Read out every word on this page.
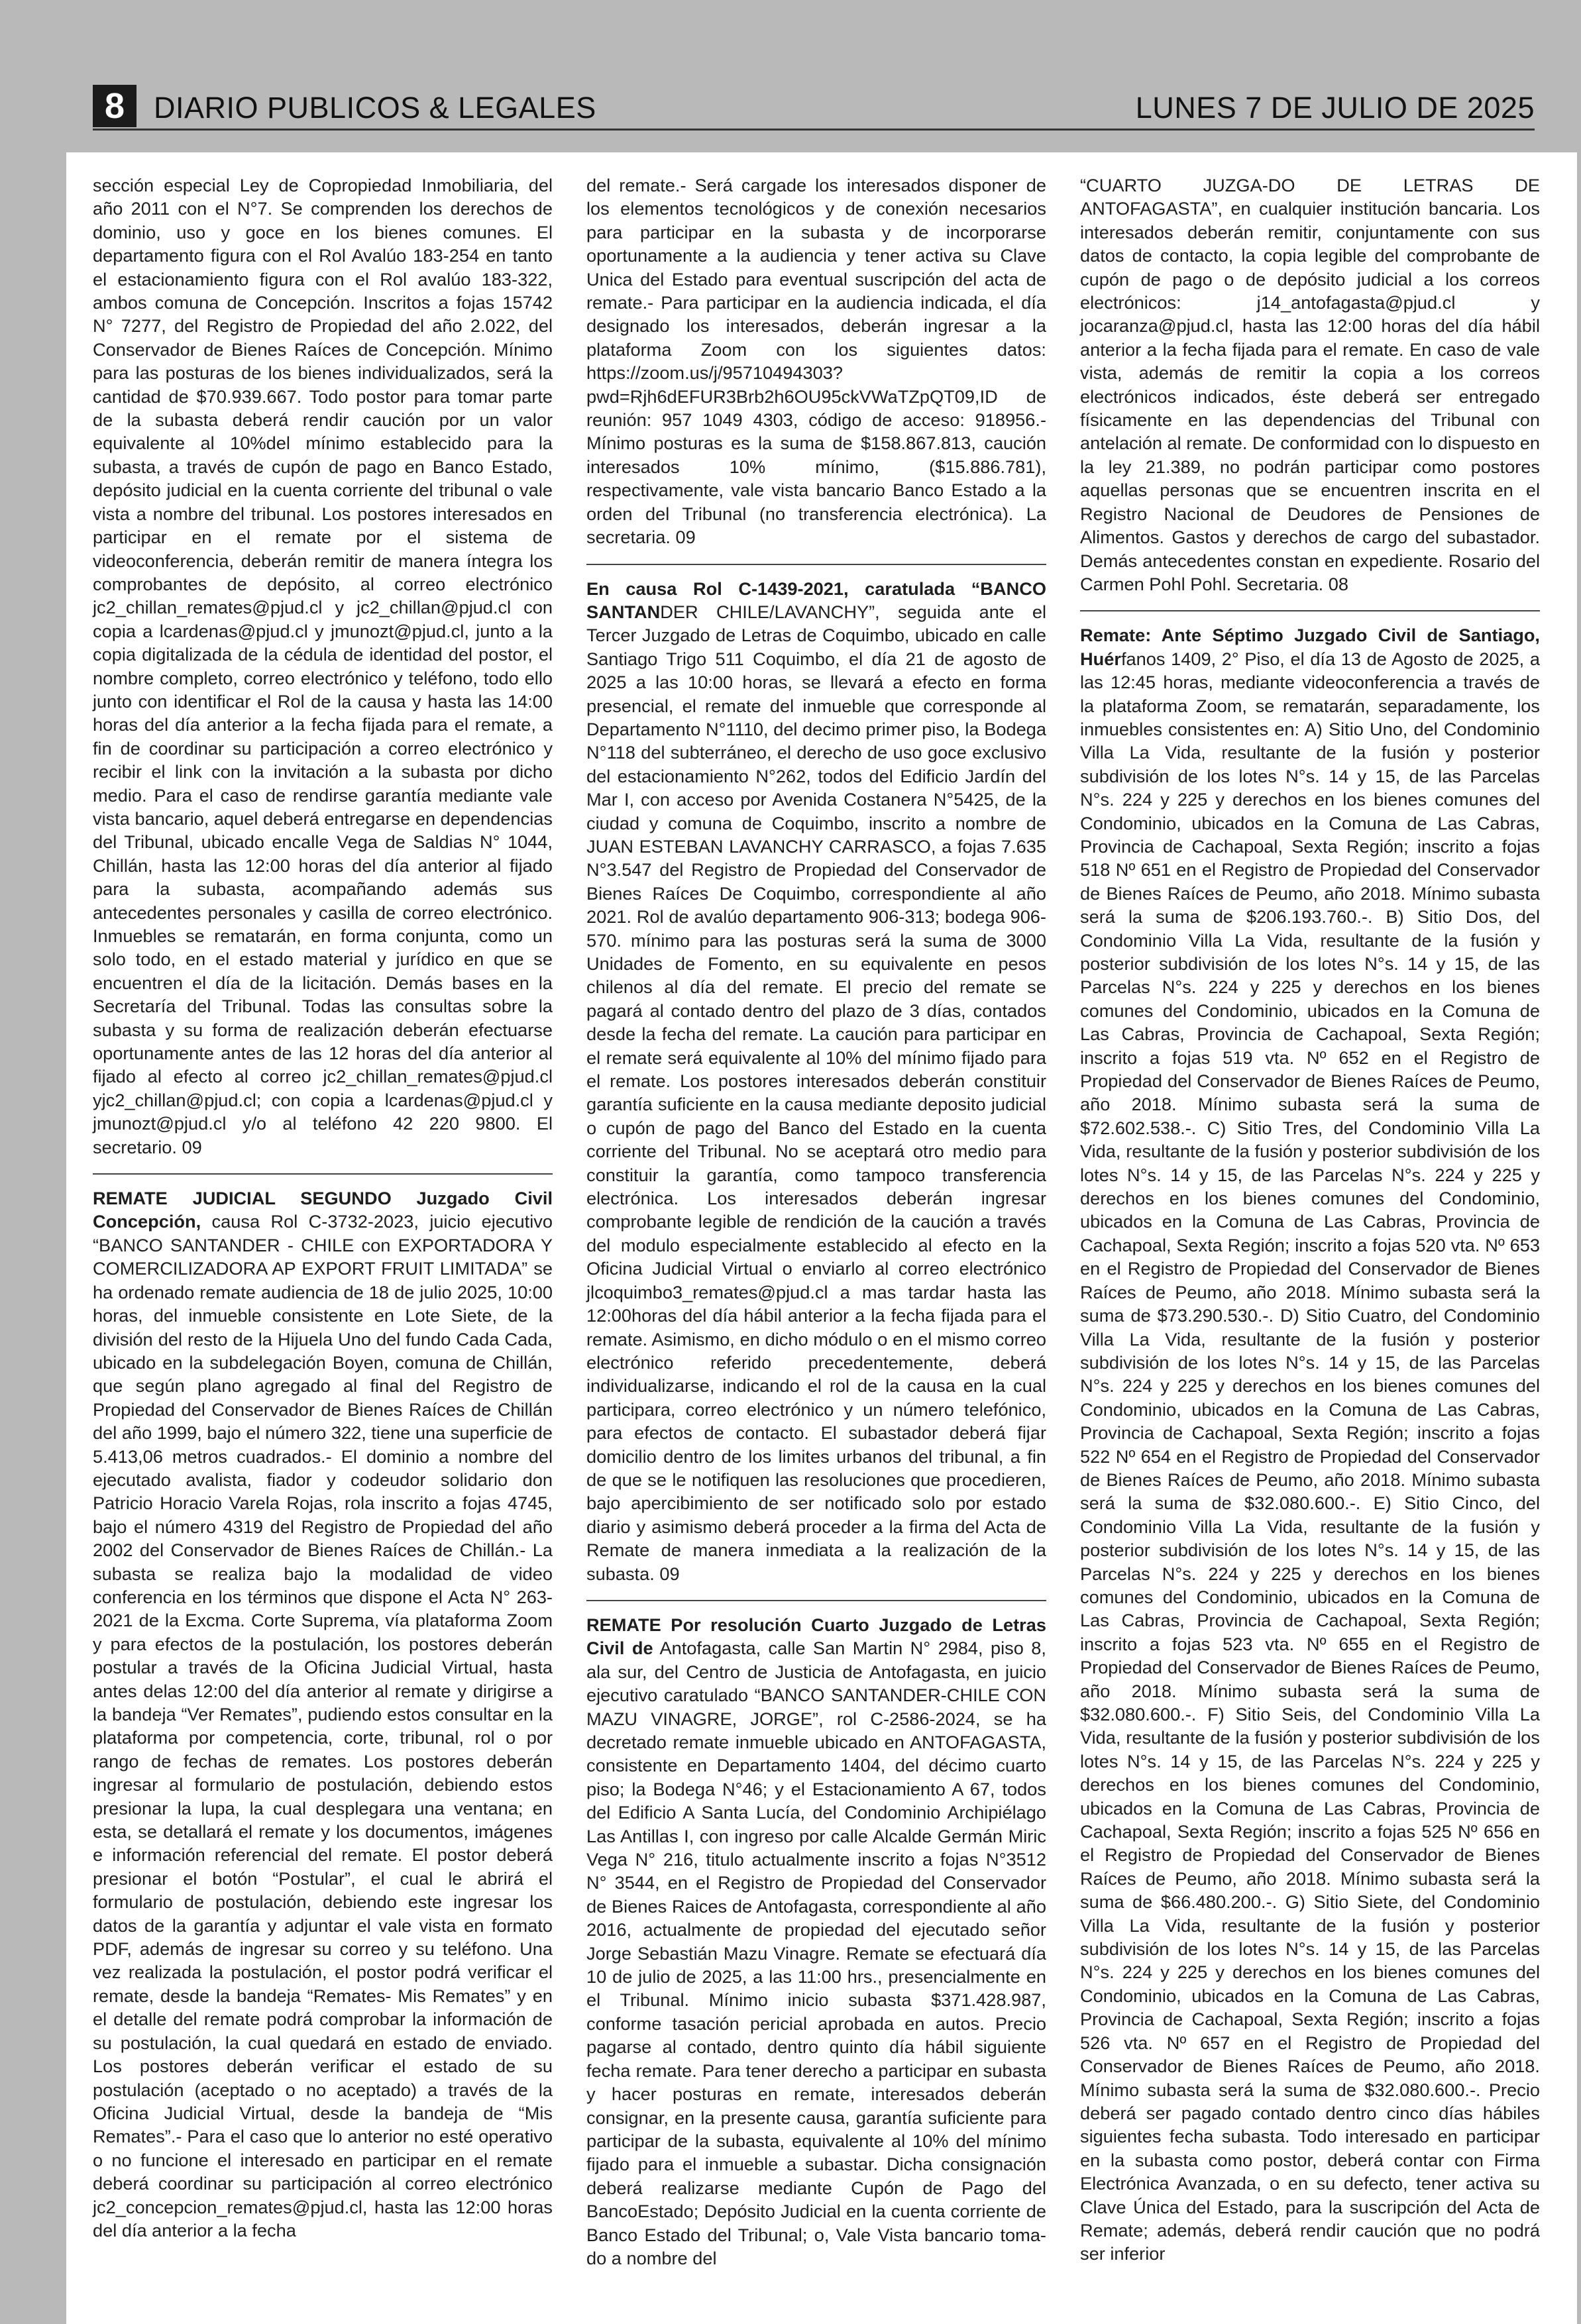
8 DIARIO PUBLICOS & LEGALES	LUNES 7 DE JULIO DE 2025

sección especial Ley de Copropiedad Inmobiliaria, del año 2011 con el N°7. Se comprenden los derechos de dominio, uso y goce en los bienes comunes. El departamento figura con el Rol Avalúo 183-254 en tanto el estacionamiento figura con el Rol avalúo 183-322, ambos comuna de Concepción. Inscritos a fojas 15742 N° 7277, del Registro de Propiedad del año 2.022, del Conservador de Bienes Raíces de Concepción. Mínimo para las posturas de los bienes individualizados, será la cantidad de $70.939.667. Todo postor para tomar parte de la subasta deberá rendir caución por un valor equivalente al 10%del mínimo establecido para la subasta, a través de cupón de pago en Banco Estado, depósito judicial en la cuenta corriente del tribunal o vale vista a nombre del tribunal. Los postores interesados en participar en el remate por el sistema de videoconferencia, deberán remitir de manera íntegra los comprobantes de depósito, al correo electrónico jc2_chillan_remates@pjud.cl y jc2_chillan@pjud.cl con copia a lcardenas@pjud.cl y jmunozt@pjud.cl, junto a la copia digitalizada de la cédula de identidad del postor, el nombre completo, correo electrónico y teléfono, todo ello junto con identificar el Rol de la causa y hasta las 14:00 horas del día anterior a la fecha fijada para el remate, a fin de coordinar su participación a correo electrónico y recibir el link con la invitación a la subasta por dicho medio. Para el caso de rendirse garantía mediante vale vista bancario, aquel deberá entregarse en dependencias del Tribunal, ubicado encalle Vega de Saldias N° 1044, Chillán, hasta las 12:00 horas del día anterior al fijado para la subasta, acompañando además sus antecedentes personales y casilla de correo electrónico. Inmuebles se rematarán, en forma conjunta, como un solo todo, en el estado material y jurídico en que se encuentren el día de la licitación. Demás bases en la Secretaría del Tribunal. Todas las consultas sobre la subasta y su forma de realización deberán efectuarse oportunamente antes de las 12 horas del día anterior al fijado al efecto al correo jc2_chillan_remates@pjud.cl yjc2_chillan@pjud.cl; con copia a lcardenas@pjud.cl y jmunozt@pjud.cl y/o al teléfono 42 220 9800. El secretario. 09

REMATE JUDICIAL SEGUNDO Juzgado Civil Concepción, causa Rol C-3732-2023, juicio ejecutivo “BANCO SANTANDER - CHILE con EXPORTADORA Y COMERCILIZADORA AP EXPORT FRUIT LIMITADA” se ha ordenado remate audiencia de 18 de julio 2025, 10:00 horas, del inmueble consistente en Lote Siete, de la división del resto de la Hijuela Uno del fundo Cada Cada, ubicado en la subdelegación Boyen, comuna de Chillán, que según plano agregado al final del Registro de Propiedad del Conservador de Bienes Raíces de Chillán del año 1999, bajo el número 322, tiene una superficie de 5.413,06 metros cuadrados.- El dominio a nombre del ejecutado avalista, fiador y codeudor solidario don Patricio Horacio Varela Rojas, rola inscrito a fojas 4745, bajo el número 4319 del Registro de Propiedad del año 2002 del Conservador de Bienes Raíces de Chillán.- La subasta se realiza bajo la modalidad de video conferencia en los términos que dispone el Acta N° 263-2021 de la Excma. Corte Suprema, vía plataforma Zoom y para efectos de la postulación, los postores deberán postular a través de la Oficina Judicial Virtual, hasta antes delas 12:00 del día anterior al remate y dirigirse a la bandeja “Ver Remates”, pudiendo estos consultar en la plataforma por competencia, corte, tribunal, rol o por rango de fechas de remates. Los postores deberán ingresar al formulario de postulación, debiendo estos presionar la lupa, la cual desplegara una ventana; en esta, se detallará el remate y los documentos, imágenes e información referencial del remate. El postor deberá presionar el botón “Postular”, el cual le abrirá el formulario de postulación, debiendo este ingresar los datos de la garantía y adjuntar el vale vista en formato PDF, además de ingresar su correo y su teléfono. Una vez realizada la postulación, el postor podrá verificar el remate, desde la bandeja “Remates- Mis Remates” y en el detalle del remate podrá comprobar la información de su postulación, la cual quedará en estado de enviado. Los postores deberán verificar el estado de su postulación (aceptado o no aceptado) a través de la Oficina Judicial Virtual, desde la bandeja de “Mis Remates”.- Para el caso que lo anterior no esté operativo o no funcione el interesado en participar en el remate deberá coordinar su participación al correo electrónico jc2_concepcion_remates@pjud.cl, hasta las 12:00 horas del día anterior a la fecha

del remate.- Será cargade los interesados disponer de los elementos tecnológicos y de conexión necesarios para participar en la subasta y de incorporarse oportunamente a la audiencia y tener activa su Clave Unica del Estado para eventual suscripción del acta de remate.- Para participar en la audiencia indicada, el día designado los interesados, deberán ingresar a la plataforma Zoom con los siguientes datos: https://zoom.us/j/95710494303?pwd=Rjh6dEFUR3Brb2h6OU95ckVWaTZpQT09,ID de reunión: 957 1049 4303, código de acceso: 918956.- Mínimo posturas es la suma de $158.867.813, caución interesados 10% mínimo, ($15.886.781), respectivamente, vale vista bancario Banco Estado a la orden del Tribunal (no transferencia electrónica). La secretaria. 09

En causa Rol C-1439-2021, caratulada “BANCO SANTANDER CHILE/LAVANCHY”, seguida ante el Tercer Juzgado de Letras de Coquimbo, ubicado en calle Santiago Trigo 511 Coquimbo, el día 21 de agosto de 2025 a las 10:00 horas, se llevará a efecto en forma presencial, el remate del inmueble que corresponde al Departamento N°1110, del decimo primer piso, la Bodega N°118 del subterráneo, el derecho de uso goce exclusivo del estacionamiento N°262, todos del Edificio Jardín del Mar I, con acceso por Avenida Costanera N°5425, de la ciudad y comuna de Coquimbo, inscrito a nombre de JUAN ESTEBAN LAVANCHY CARRASCO, a fojas 7.635 N°3.547 del Registro de Propiedad del Conservador de Bienes Raíces De Coquimbo, correspondiente al año 2021. Rol de avalúo departamento 906-313; bodega 906-570. mínimo para las posturas será la suma de 3000 Unidades de Fomento, en su equivalente en pesos chilenos al día del remate. El precio del remate se pagará al contado dentro del plazo de 3 días, contados desde la fecha del remate. La caución para participar en el remate será equivalente al 10% del mínimo fijado para el remate. Los postores interesados deberán constituir garantía suficiente en la causa mediante deposito judicial o cupón de pago del Banco del Estado en la cuenta corriente del Tribunal. No se aceptará otro medio para constituir la garantía, como tampoco transferencia electrónica. Los interesados deberán ingresar comprobante legible de rendición de la caución a través del modulo especialmente establecido al efecto en la Oficina Judicial Virtual o enviarlo al correo electrónico jlcoquimbo3_remates@pjud.cl a mas tardar hasta las 12:00horas del día hábil anterior a la fecha fijada para el remate. Asimismo, en dicho módulo o en el mismo correo electrónico referido precedentemente, deberá individualizarse, indicando el rol de la causa en la cual participara, correo electrónico y un número telefónico, para efectos de contacto. El subastador deberá fijar domicilio dentro de los limites urbanos del tribunal, a fin de que se le notifiquen las resoluciones que procedieren, bajo apercibimiento de ser notificado solo por estado diario y asimismo deberá proceder a la firma del Acta de Remate de manera inmediata a la realización de la subasta. 09

REMATE Por resolución Cuarto Juzgado de Letras Civil de Antofagasta, calle San Martin N° 2984, piso 8, ala sur, del Centro de Justicia de Antofagasta, en juicio ejecutivo caratulado “BANCO SANTANDER-CHILE CON MAZU VINAGRE, JORGE”, rol C-2586-2024, se ha decretado remate inmueble ubicado en ANTOFAGASTA, consistente en Departamento 1404, del décimo cuarto piso; la Bodega N°46; y el Estacionamiento A 67, todos del Edificio A Santa Lucía, del Condominio Archipiélago Las Antillas I, con ingreso por calle Alcalde Germán Miric Vega N° 216, titulo actualmente inscrito a fojas N°3512 N° 3544, en el Registro de Propiedad del Conservador de Bienes Raices de Antofagasta, correspondiente al año 2016, actualmente de propiedad del ejecutado señor Jorge Sebastián Mazu Vinagre. Remate se efectuará día 10 de julio de 2025, a las 11:00 hrs., presencialmente en el Tribunal. Mínimo inicio subasta $371.428.987, conforme tasación pericial aprobada en autos. Precio pagarse al contado, dentro quinto día hábil siguiente fecha remate. Para tener derecho a participar en subasta y hacer posturas en remate, interesados deberán consignar, en la presente causa, garantía suficiente para participar de la subasta, equivalente al 10% del mínimo fijado para el inmueble a subastar. Dicha consignación deberá realizarse mediante Cupón de Pago del BancoEstado; Depósito Judicial en la cuenta corriente de Banco Estado del Tribunal; o, Vale Vista bancario toma-do a nombre del

“CUARTO JUZGA-DO DE LETRAS DE ANTOFAGASTA”, en cualquier institución bancaria. Los interesados deberán remitir, conjuntamente con sus datos de contacto, la copia legible del comprobante de cupón de pago o de depósito judicial a los correos electrónicos: j14_antofagasta@pjud.cl y jocaranza@pjud.cl, hasta las 12:00 horas del día hábil anterior a la fecha fijada para el remate. En caso de vale vista, además de remitir la copia a los correos electrónicos indicados, éste deberá ser entregado físicamente en las dependencias del Tribunal con antelación al remate. De conformidad con lo dispuesto en la ley 21.389, no podrán participar como postores aquellas personas que se encuentren inscrita en el Registro Nacional de Deudores de Pensiones de Alimentos. Gastos y derechos de cargo del subastador. Demás antecedentes constan en expediente. Rosario del Carmen Pohl Pohl. Secretaria. 08

Remate: Ante Séptimo Juzgado Civil de Santiago, Huérfanos 1409, 2° Piso, el día 13 de Agosto de 2025, a las 12:45 horas, mediante videoconferencia a través de la plataforma Zoom, se rematarán, separadamente, los inmuebles consistentes en: A) Sitio Uno, del Condominio Villa La Vida, resultante de la fusión y posterior subdivisión de los lotes N°s. 14 y 15, de las Parcelas N°s. 224 y 225 y derechos en los bienes comunes del Condominio, ubicados en la Comuna de Las Cabras, Provincia de Cachapoal, Sexta Región; inscrito a fojas 518 Nº 651 en el Registro de Propiedad del Conservador de Bienes Raíces de Peumo, año 2018. Mínimo subasta será la suma de $206.193.760.-. B) Sitio Dos, del Condominio Villa La Vida, resultante de la fusión y posterior subdivisión de los lotes N°s. 14 y 15, de las Parcelas N°s. 224 y 225 y derechos en los bienes comunes del Condominio, ubicados en la Comuna de Las Cabras, Provincia de Cachapoal, Sexta Región; inscrito a fojas 519 vta. Nº 652 en el Registro de Propiedad del Conservador de Bienes Raíces de Peumo, año 2018. Mínimo subasta será la suma de $72.602.538.-. C) Sitio Tres, del Condominio Villa La Vida, resultante de la fusión y posterior subdivisión de los lotes N°s. 14 y 15, de las Parcelas N°s. 224 y 225 y derechos en los bienes comunes del Condominio, ubicados en la Comuna de Las Cabras, Provincia de Cachapoal, Sexta Región; inscrito a fojas 520 vta. Nº 653 en el Registro de Propiedad del Conservador de Bienes Raíces de Peumo, año 2018. Mínimo subasta será la suma de $73.290.530.-. D) Sitio Cuatro, del Condominio Villa La Vida, resultante de la fusión y posterior subdivisión de los lotes N°s. 14 y 15, de las Parcelas N°s. 224 y 225 y derechos en los bienes comunes del Condominio, ubicados en la Comuna de Las Cabras, Provincia de Cachapoal, Sexta Región; inscrito a fojas 522 Nº 654 en el Registro de Propiedad del Conservador de Bienes Raíces de Peumo, año 2018. Mínimo subasta será la suma de $32.080.600.-. E) Sitio Cinco, del Condominio Villa La Vida, resultante de la fusión y posterior subdivisión de los lotes N°s. 14 y 15, de las Parcelas N°s. 224 y 225 y derechos en los bienes comunes del Condominio, ubicados en la Comuna de Las Cabras, Provincia de Cachapoal, Sexta Región; inscrito a fojas 523 vta. Nº 655 en el Registro de Propiedad del Conservador de Bienes Raíces de Peumo, año 2018. Mínimo subasta será la suma de $32.080.600.-. F) Sitio Seis, del Condominio Villa La Vida, resultante de la fusión y posterior subdivisión de los lotes N°s. 14 y 15, de las Parcelas N°s. 224 y 225 y derechos en los bienes comunes del Condominio, ubicados en la Comuna de Las Cabras, Provincia de Cachapoal, Sexta Región; inscrito a fojas 525 Nº 656 en el Registro de Propiedad del Conservador de Bienes Raíces de Peumo, año 2018. Mínimo subasta será la suma de $66.480.200.-. G) Sitio Siete, del Condominio Villa La Vida, resultante de la fusión y posterior subdivisión de los lotes N°s. 14 y 15, de las Parcelas N°s. 224 y 225 y derechos en los bienes comunes del Condominio, ubicados en la Comuna de Las Cabras, Provincia de Cachapoal, Sexta Región; inscrito a fojas 526 vta. Nº 657 en el Registro de Propiedad del Conservador de Bienes Raíces de Peumo, año 2018. Mínimo subasta será la suma de $32.080.600.-. Precio deberá ser pagado contado dentro cinco días hábiles siguientes fecha subasta. Todo interesado en participar en la subasta como postor, deberá contar con Firma Electrónica Avanzada, o en su defecto, tener activa su Clave Única del Estado, para la suscripción del Acta de Remate; además, deberá rendir caución que no podrá ser inferior
